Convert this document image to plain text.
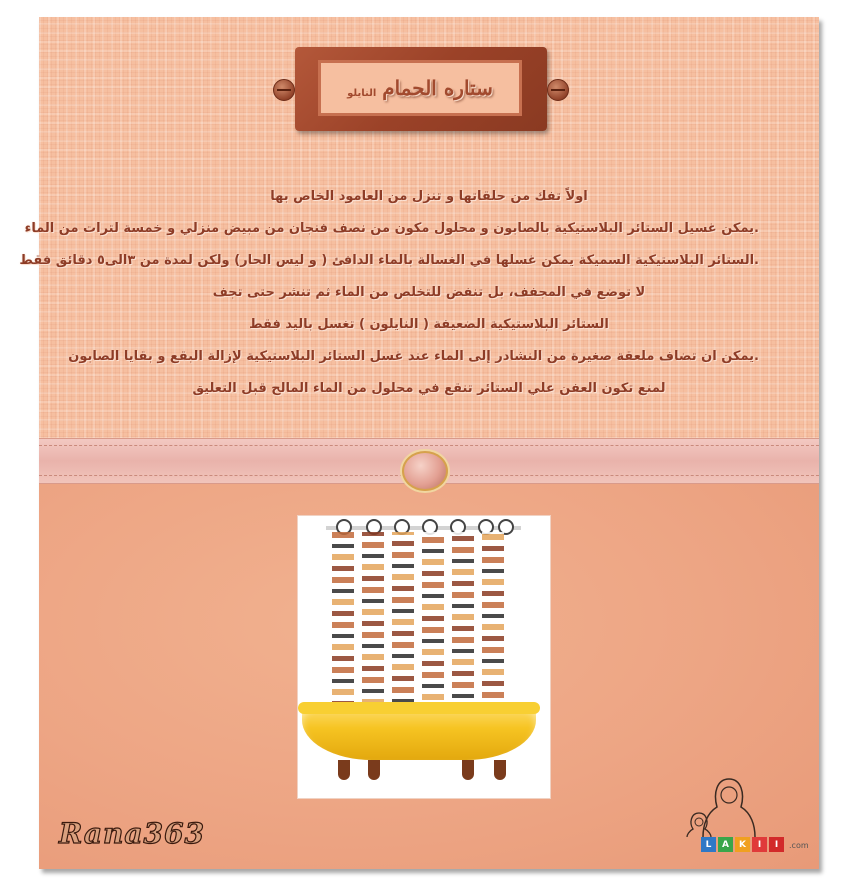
النايلو ستاره الحمام
اولاً تفك من حلقاتها و تنزل من العامود الخاص بها
.يمكن غسيل الستائر البلاستيكية بالصابون و محلول مكون من نصف فنجان من مبيض منزلي و خمسة لترات من الماء
.الستائر البلاستيكية السميكة يمكن غسلها في الغسالة بالماء الدافئ ( و ليس الحار) ولكن لمدة من ٣الى٥ دقائق فقط
لا توضع في المجفف، بل تنفض للتخلص من الماء ثم تنشر حتى تجف
الستائر البلاستيكية الضعيفة ( النايلون ) تغسل باليد فقط
.يمكن ان تضاف ملعقة صغيرة من النشادر إلى الماء عند غسل الستائر البلاستيكية لإزالة البقع و بقايا الصابون
لمنع تكون العفن علي الستائر تنقع في محلول من الماء المالح قبل التعليق
Rana363	L	A	K	I	I	.com
